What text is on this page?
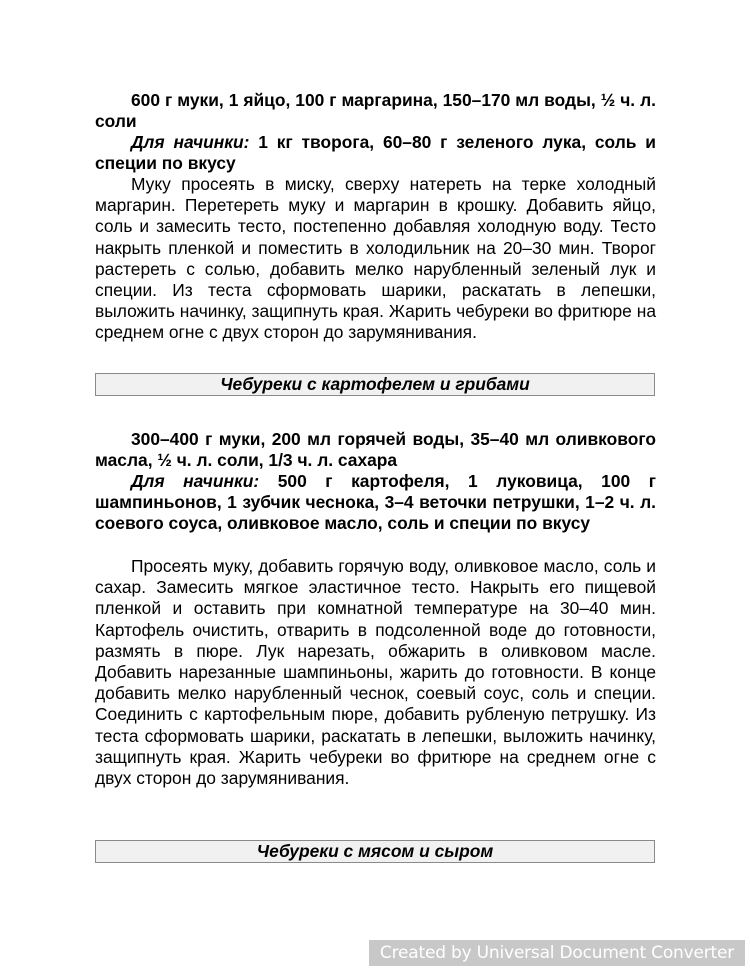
600 г муки, 1 яйцо, 100 г маргарина, 150–170 мл воды, ½ ч. л. соли

Для начинки: 1 кг творога, 60–80 г зеленого лука, соль и специи по вкусу

Муку просеять в миску, сверху натереть на терке холодный маргарин. Перетереть муку и маргарин в крошку. Добавить яйцо, соль и замесить тесто, постепенно добавляя холодную воду. Тесто накрыть пленкой и поместить в холодильник на 20–30 мин. Творог растереть с солью, добавить мелко нарубленный зеленый лук и специи. Из теста сформовать шарики, раскатать в лепешки, выложить начинку, защипнуть края. Жарить чебуреки во фритюре на среднем огне с двух сторон до зарумянивания.

Чебуреки с картофелем и грибами

300–400 г муки, 200 мл горячей воды, 35–40 мл оливкового масла, ½ ч. л. соли, 1/3 ч. л. сахара

Для начинки: 500 г картофеля, 1 луковица, 100 г шампиньонов, 1 зубчик чеснока, 3–4 веточки петрушки, 1–2 ч. л. соевого соуса, оливковое масло, соль и специи по вкусу

Просеять муку, добавить горячую воду, оливковое масло, соль и сахар. Замесить мягкое эластичное тесто. Накрыть его пищевой пленкой и оставить при комнатной температуре на 30–40 мин. Картофель очистить, отварить в подсоленной воде до готовности, размять в пюре. Лук нарезать, обжарить в оливковом масле. Добавить нарезанные шампиньоны, жарить до готовности. В конце добавить мелко нарубленный чеснок, соевый соус, соль и специи. Соединить с картофельным пюре, добавить рубленую петрушку. Из теста сформовать шарики, раскатать в лепешки, выложить начинку, защипнуть края. Жарить чебуреки во фритюре на среднем огне с двух сторон до зарумянивания.

Чебуреки с мясом и сыром
Created by Universal Document Converter
